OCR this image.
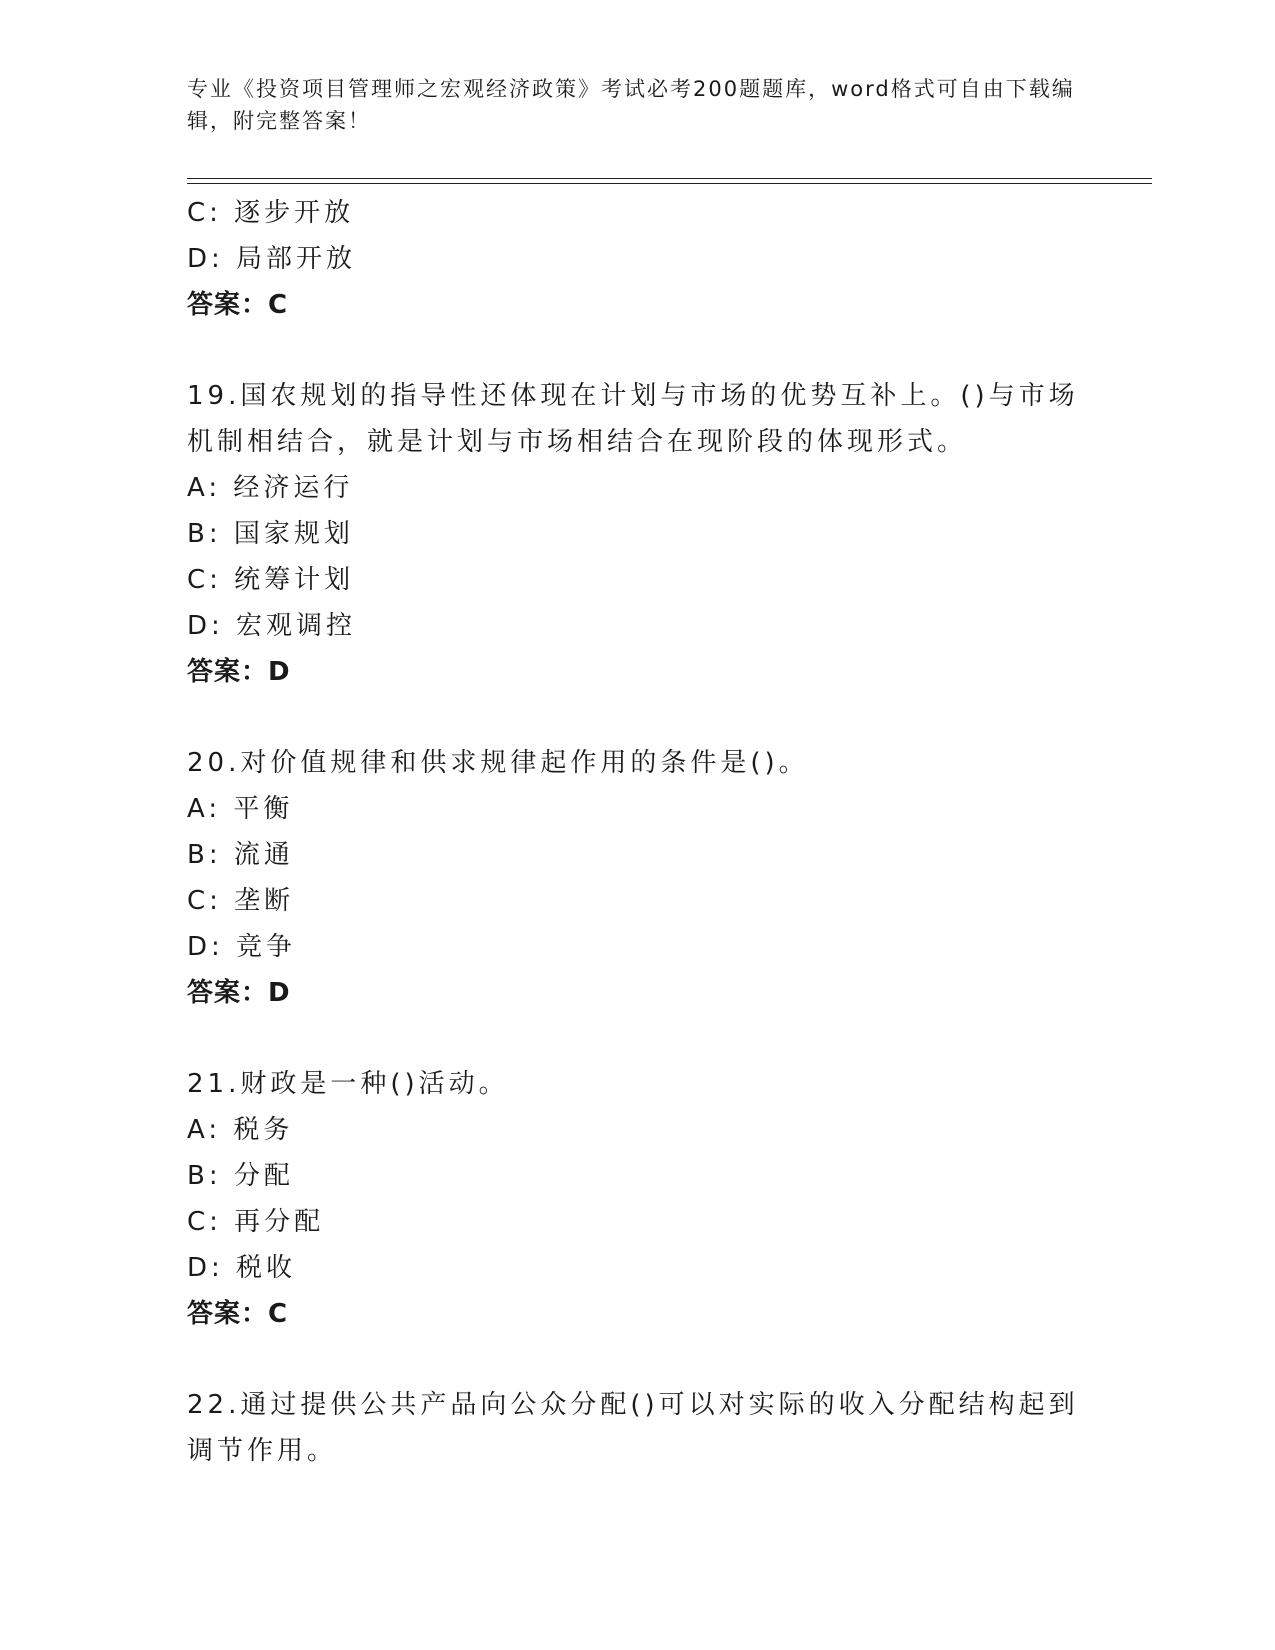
专业《投资项目管理师之宏观经济政策》考试必考200题题库，word格式可自由下载编辑，附完整答案！
C: 逐步开放
D: 局部开放
答案：C
19.国农规划的指导性还体现在计划与市场的优势互补上。()与市场机制相结合，就是计划与市场相结合在现阶段的体现形式。
A: 经济运行
B: 国家规划
C: 统筹计划
D: 宏观调控
答案：D
20.对价值规律和供求规律起作用的条件是()。
A: 平衡
B: 流通
C: 垄断
D: 竞争
答案：D
21.财政是一种()活动。
A: 税务
B: 分配
C: 再分配
D: 税收
答案：C
22.通过提供公共产品向公众分配()可以对实际的收入分配结构起到调节作用。
